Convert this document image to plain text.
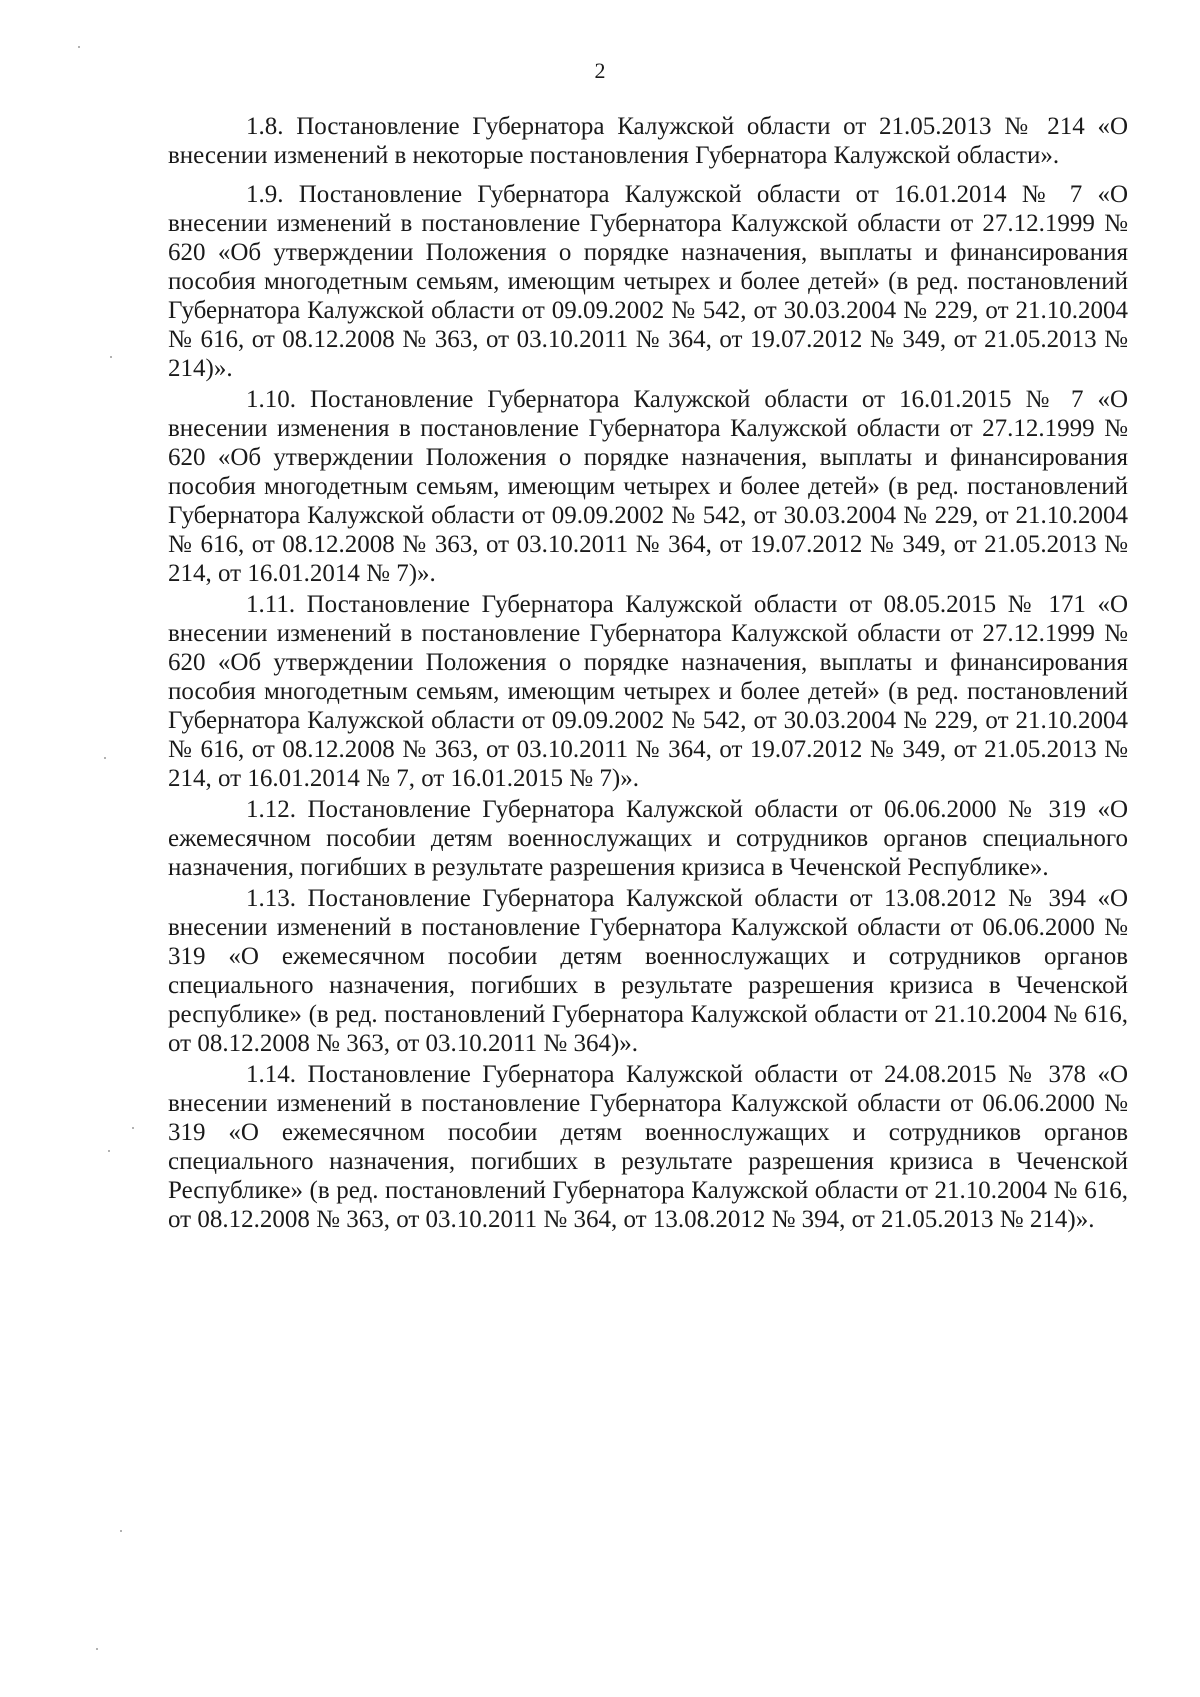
2

1.8. Постановление Губернатора Калужской области от 21.05.2013 № 214 «О внесении изменений в некоторые постановления Губернатора Калужской области».

1.9. Постановление Губернатора Калужской области от 16.01.2014 № 7 «О внесении изменений в постановление Губернатора Калужской области от 27.12.1999 № 620 «Об утверждении Положения о порядке назначения, выплаты и финансирования пособия многодетным семьям, имеющим четырех и более детей» (в ред. постановлений Губернатора Калужской области от 09.09.2002 № 542, от 30.03.2004 № 229, от 21.10.2004 № 616, от 08.12.2008 № 363, от 03.10.2011 № 364, от 19.07.2012 № 349, от 21.05.2013 № 214)».

1.10. Постановление Губернатора Калужской области от 16.01.2015 № 7 «О внесении изменения в постановление Губернатора Калужской области от 27.12.1999 № 620 «Об утверждении Положения о порядке назначения, выплаты и финансирования пособия многодетным семьям, имеющим четырех и более детей» (в ред. постановлений Губернатора Калужской области от 09.09.2002 № 542, от 30.03.2004 № 229, от 21.10.2004 № 616, от 08.12.2008 № 363, от 03.10.2011 № 364, от 19.07.2012 № 349, от 21.05.2013 № 214, от 16.01.2014 № 7)».

1.11. Постановление Губернатора Калужской области от 08.05.2015 № 171 «О внесении изменений в постановление Губернатора Калужской области от 27.12.1999 № 620 «Об утверждении Положения о порядке назначения, выплаты и финансирования пособия многодетным семьям, имеющим четырех и более детей» (в ред. постановлений Губернатора Калужской области от 09.09.2002 № 542, от 30.03.2004 № 229, от 21.10.2004 № 616, от 08.12.2008 № 363, от 03.10.2011 № 364, от 19.07.2012 № 349, от 21.05.2013 № 214, от 16.01.2014 № 7, от 16.01.2015 № 7)».

1.12. Постановление Губернатора Калужской области от 06.06.2000 № 319 «О ежемесячном пособии детям военнослужащих и сотрудников органов специального назначения, погибших в результате разрешения кризиса в Чеченской Республике».

1.13. Постановление Губернатора Калужской области от 13.08.2012 № 394 «О внесении изменений в постановление Губернатора Калужской области от 06.06.2000 № 319 «О ежемесячном пособии детям военнослужащих и сотрудников органов специального назначения, погибших в результате разрешения кризиса в Чеченской республике» (в ред. постановлений Губернатора Калужской области от 21.10.2004 № 616, от 08.12.2008 № 363, от 03.10.2011 № 364)».

1.14. Постановление Губернатора Калужской области от 24.08.2015 № 378 «О внесении изменений в постановление Губернатора Калужской области от 06.06.2000 № 319 «О ежемесячном пособии детям военнослужащих и сотрудников органов специального назначения, погибших в результате разрешения кризиса в Чеченской Республике» (в ред. постановлений Губернатора Калужской области от 21.10.2004 № 616, от 08.12.2008 № 363, от 03.10.2011 № 364, от 13.08.2012 № 394, от 21.05.2013 № 214)».
